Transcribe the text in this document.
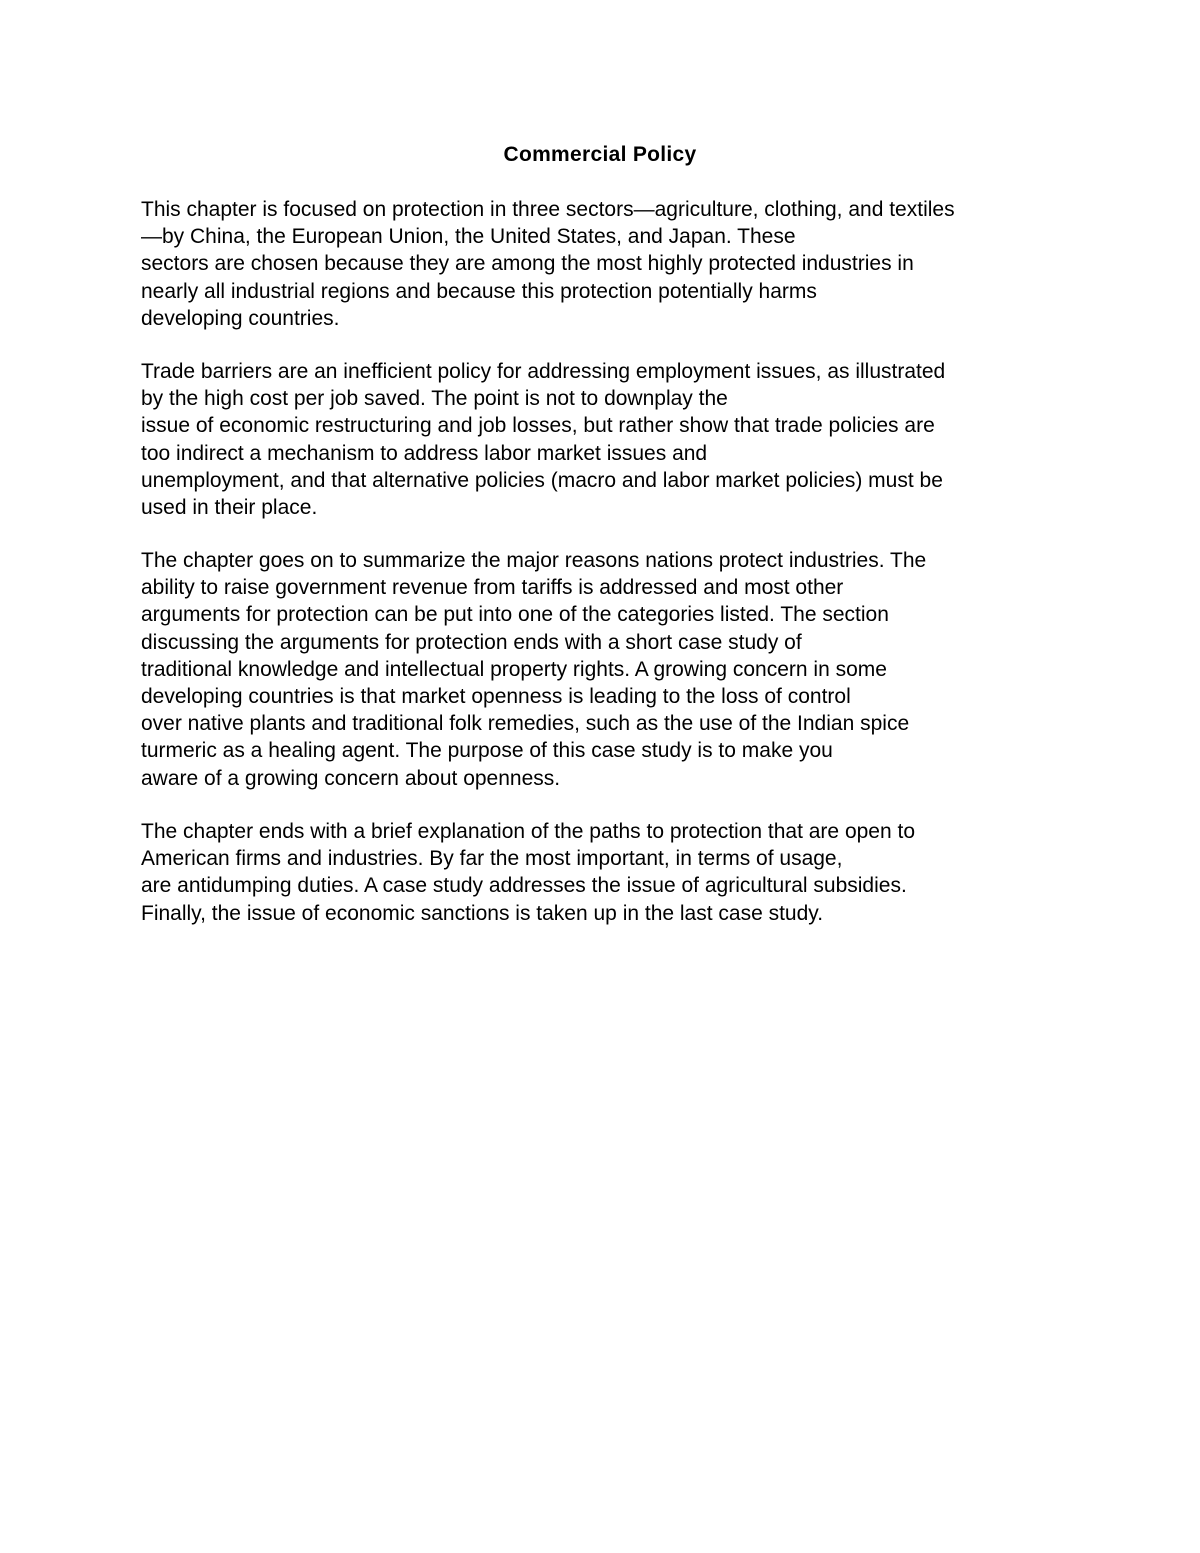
Commercial Policy
This chapter is focused on protection in three sectors—agriculture, clothing, and textiles
—by China, the European Union, the United States, and Japan. These
sectors are chosen because they are among the most highly protected industries in
nearly all industrial regions and because this protection potentially harms
developing countries.
Trade barriers are an inefficient policy for addressing employment issues, as illustrated
by the high cost per job saved. The point is not to downplay the
issue of economic restructuring and job losses, but rather show that trade policies are
too indirect a mechanism to address labor market issues and
unemployment, and that alternative policies (macro and labor market policies) must be
used in their place.
The chapter goes on to summarize the major reasons nations protect industries. The
ability to raise government revenue from tariffs is addressed and most other
arguments for protection can be put into one of the categories listed. The section
discussing the arguments for protection ends with a short case study of
traditional knowledge and intellectual property rights. A growing concern in some
developing countries is that market openness is leading to the loss of control
over native plants and traditional folk remedies, such as the use of the Indian spice
turmeric as a healing agent. The purpose of this case study is to make you
aware of a growing concern about openness.
The chapter ends with a brief explanation of the paths to protection that are open to
American firms and industries. By far the most important, in terms of usage,
are antidumping duties. A case study addresses the issue of agricultural subsidies.
Finally, the issue of economic sanctions is taken up in the last case study.
